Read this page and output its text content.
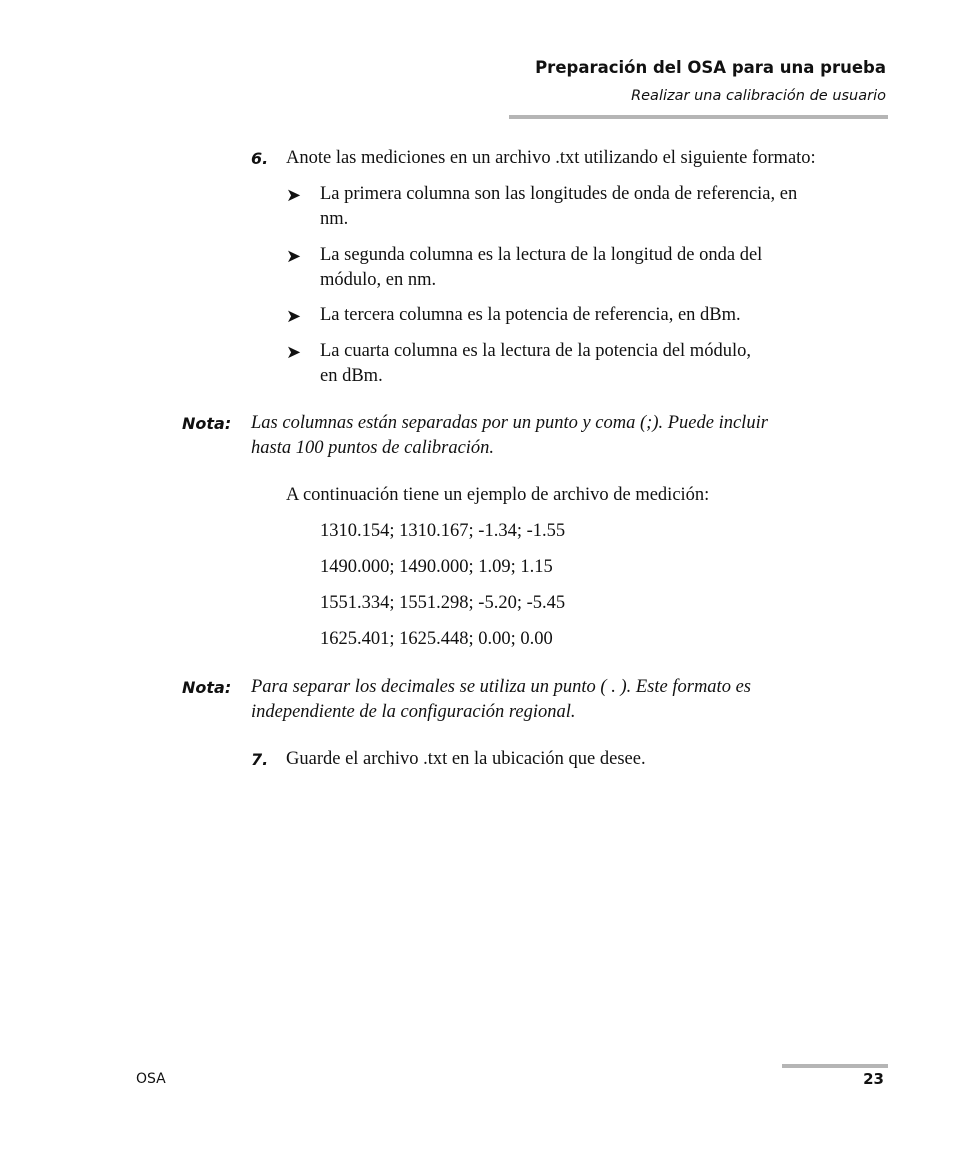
Preparación del OSA para una prueba
Realizar una calibración de usuario
6. Anote las mediciones en un archivo .txt utilizando el siguiente formato:
➤ La primera columna son las longitudes de onda de referencia, en
nm.
➤ La segunda columna es la lectura de la longitud de onda del
módulo, en nm.
➤ La tercera columna es la potencia de referencia, en dBm.
➤ La cuarta columna es la lectura de la potencia del módulo,
en dBm.
Nota: Las columnas están separadas por un punto y coma (;). Puede incluir
hasta 100 puntos de calibración.
A continuación tiene un ejemplo de archivo de medición:
1310.154; 1310.167; -1.34; -1.55
1490.000; 1490.000; 1.09; 1.15
1551.334; 1551.298; -5.20; -5.45
1625.401; 1625.448; 0.00; 0.00
Nota: Para separar los decimales se utiliza un punto ( . ). Este formato es
independiente de la configuración regional.
7. Guarde el archivo .txt en la ubicación que desee.
OSA	23
